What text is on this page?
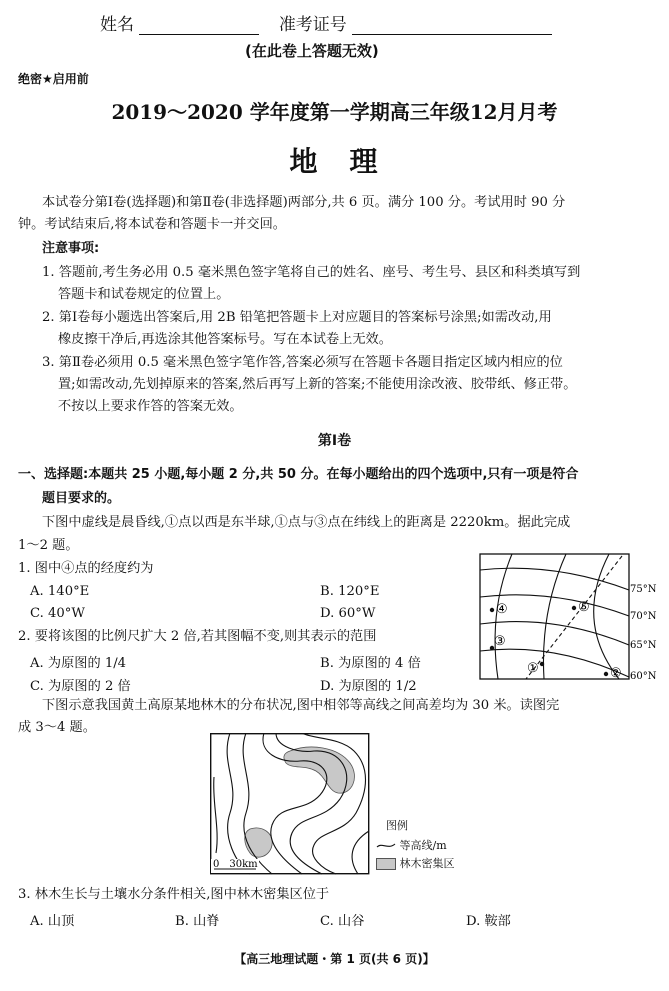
姓名	准考证号
(在此卷上答题无效)
绝密★启用前
2019～2020 学年度第一学期高三年级12月月考
地　理
本试卷分第Ⅰ卷(选择题)和第Ⅱ卷(非选择题)两部分,共 6 页。满分 100 分。考试用时 90 分
钟。考试结束后,将本试卷和答题卡一并交回。
注意事项:
1. 答题前,考生务必用 0.5 毫米黑色签字笔将自己的姓名、座号、考生号、县区和科类填写到
答题卡和试卷规定的位置上。
2. 第Ⅰ卷每小题选出答案后,用 2B 铅笔把答题卡上对应题目的答案标号涂黑;如需改动,用
橡皮擦干净后,再选涂其他答案标号。写在本试卷上无效。
3. 第Ⅱ卷必须用 0.5 毫米黑色签字笔作答,答案必须写在答题卡各题目指定区域内相应的位
置;如需改动,先划掉原来的答案,然后再写上新的答案;不能使用涂改液、胶带纸、修正带。
不按以上要求作答的答案无效。
第Ⅰ卷
一、选择题:本题共 25 小题,每小题 2 分,共 50 分。在每小题给出的四个选项中,只有一项是符合
题目要求的。
下图中虚线是晨昏线,①点以西是东半球,①点与③点在纬线上的距离是 2220km。据此完成
1～2 题。
1. 图中④点的经度约为
A. 140°E	B. 120°E
C. 40°W	D. 60°W
2. 要将该图的比例尺扩大 2 倍,若其图幅不变,则其表示的范围
A. 为原图的 1/4	B. 为原图的 4 倍
C. 为原图的 2 倍	D. 为原图的 1/2
④	⑤
③
①	②
75°N
70°N
65°N
60°N
下图示意我国黄土高原某地林木的分布状况,图中相邻等高线之间高差均为 30 米。读图完
成 3～4 题。
0　30km
图例
等高线/m
林木密集区
3. 林木生长与土壤水分条件相关,图中林木密集区位于
A. 山顶	B. 山脊	C. 山谷	D. 鞍部
【高三地理试题・第 1 页(共 6 页)】
